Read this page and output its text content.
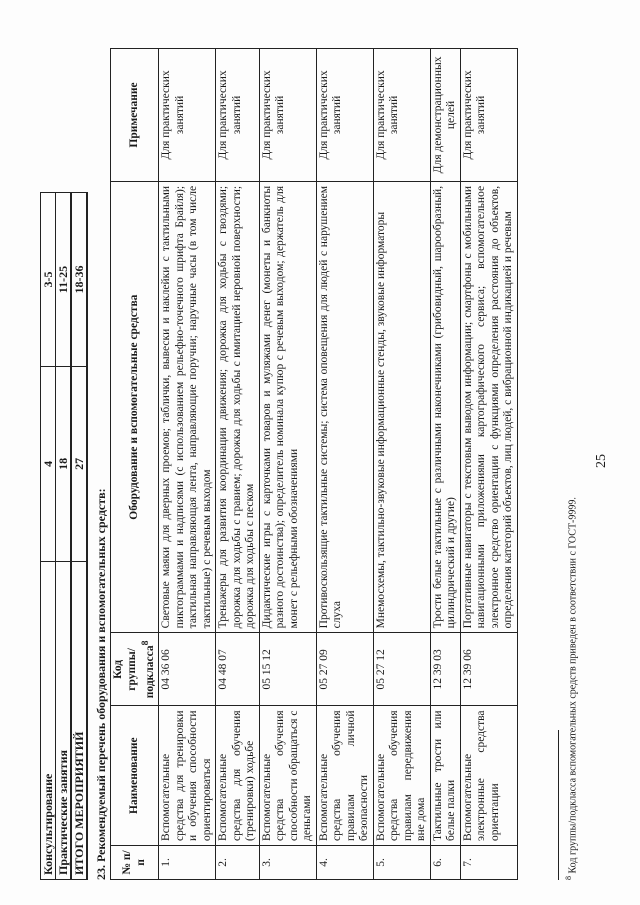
25
Консультирование	4	3-5
Практические занятия	18	11-25
ИТОГО МЕРОПРИЯТИЙ	27	18-36
23. Рекомендуемый перечень оборудования и вспомогательных средств: № п/п	Наименование	Код группы/ подкласса$^8$	Оборудование и вспомогательные средства	Примечание
1.	Вспомогательные средства для тренировки и обучения способности ориентироваться	04 36 06	Световые маяки для дверных проемов; таблички, вывески и наклейки с тактильными пиктограммами и надписями (с использованием рельефно-точечного шрифта Брайля); тактильная направляющая лента, направляющие поручни; наручные часы (в том числе тактильные) с речевым выходом	Для практических занятий
2.	Вспомогательные средства для обучения (тренировки) ходьбе	04 48 07	Тренажеры для развития координации движения; дорожка для ходьбы с гвоздями; дорожка для ходьбы с гравием; дорожка для ходьбы с имитацией неровной поверхности; дорожка для ходьбы с песком	Для практических занятий
3.	Вспомогательные средства обучения способности обращаться с деньгами	05 15 12	Дидактические игры с карточками товаров и муляжами денег (монеты и банкноты разного достоинства); определитель номинала купюр с речевым выходом; держатель для монет с рельефными обозначениями	Для практических занятий
4.	Вспомогательные средства обучения правилам личной безопасности	05 27 09	Противоскользящие тактильные системы; система оповещения для людей с нарушением слуха	Для практических занятий
5.	Вспомогательные средства обучения правилам передвижения вне дома	05 27 12	Мнемосхемы, тактильно-звуковые информационные стенды, звуковые информаторы	Для практических занятий
6.	Тактильные трости или белые палки	12 39 03	Трости белые тактильные с различными наконечниками (грибовидный, шарообразный, цилиндрический и другие)	Для демонстрационных целей
7.	Вспомогательные электронные средства ориентации	12 39 06	Портативные навигаторы с текстовым выводом информации; смартфоны с мобильными навигационными приложениями картографического сервиса; вспомогательное электронное средство ориентации с функциями определения расстояния до объектов, определения категорий объектов, лиц людей, с вибрационной индикацией и речевым	Для практических занятий
$^8$ Код группы/подкласса вспомогательных средств приведен в соответствии с ГОСТ-9999.
